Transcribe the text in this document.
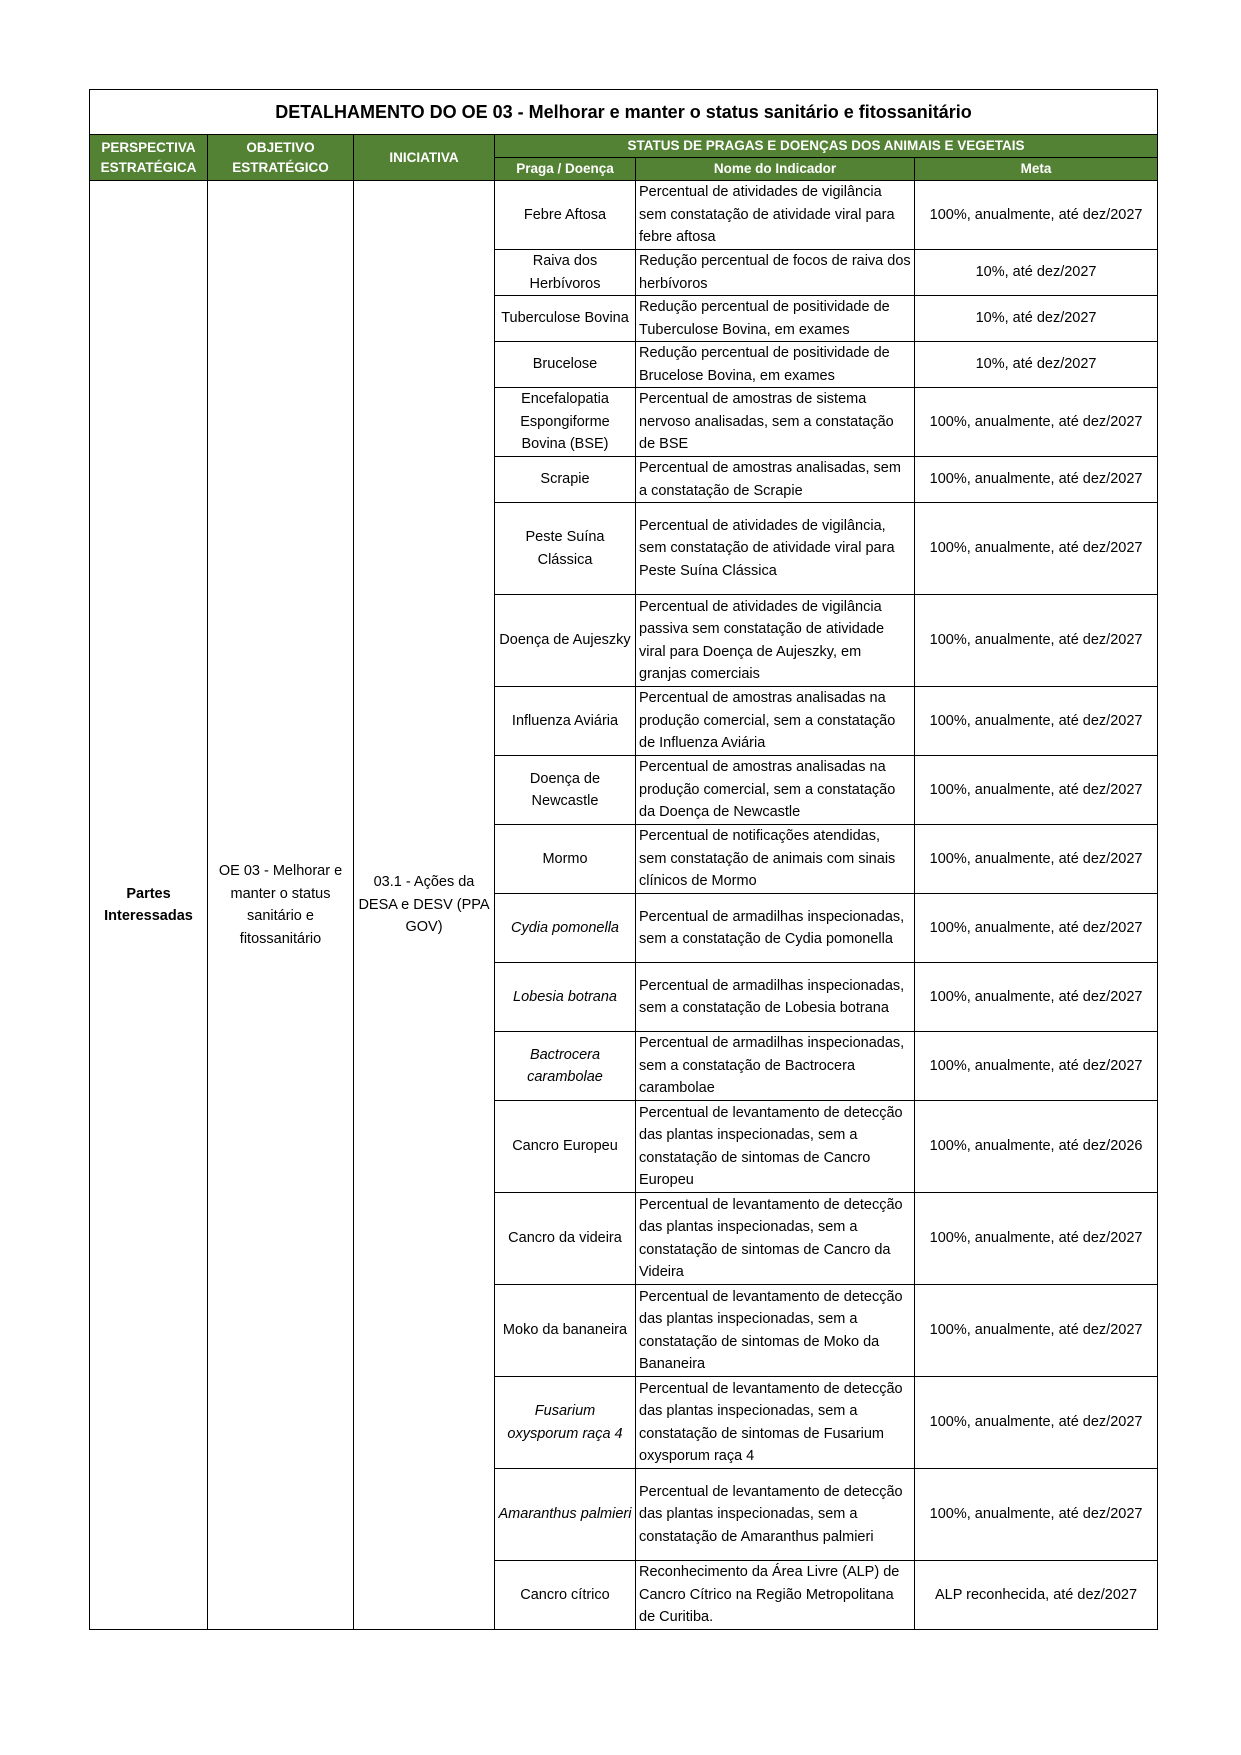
DETALHAMENTO DO OE 03 - Melhorar e manter o status sanitário e fitossanitário					
PERSPECTIVA ESTRATÉGICA	OBJETIVO ESTRATÉGICO	INICIATIVA	STATUS DE PRAGAS E DOENÇAS DOS ANIMAIS E VEGETAIS		
			Praga / Doença	Nome do Indicador	Meta
Partes Interessadas	OE 03 - Melhorar e manter o status sanitário e fitossanitário	03.1 - Ações da DESA e DESV (PPA GOV)	Febre Aftosa	Percentual de atividades de vigilância sem constatação de atividade viral para febre aftosa	100%, anualmente, até dez/2027
			Raiva dos Herbívoros	Redução percentual de focos de raiva dos herbívoros	10%, até dez/2027
			Tuberculose Bovina	Redução percentual de positividade de Tuberculose Bovina, em exames	10%, até dez/2027
			Brucelose	Redução percentual de positividade de Brucelose Bovina, em exames	10%, até dez/2027
			Encefalopatia Espongiforme Bovina (BSE)	Percentual de amostras de sistema nervoso analisadas, sem a constatação de BSE	100%, anualmente, até dez/2027
			Scrapie	Percentual de amostras analisadas, sem a constatação de Scrapie	100%, anualmente, até dez/2027
			Peste Suína Clássica	Percentual de atividades de vigilância, sem constatação de atividade viral para Peste Suína Clássica	100%, anualmente, até dez/2027
			Doença de Aujeszky	Percentual de atividades de vigilância passiva sem constatação de atividade viral para Doença de Aujeszky, em granjas comerciais	100%, anualmente, até dez/2027
			Influenza Aviária	Percentual de amostras analisadas na produção comercial, sem a constatação de Influenza Aviária	100%, anualmente, até dez/2027
			Doença de Newcastle	Percentual de amostras analisadas na produção comercial, sem a constatação da Doença de Newcastle	100%, anualmente, até dez/2027
			Mormo	Percentual de notificações atendidas, sem constatação de animais com sinais clínicos de Mormo	100%, anualmente, até dez/2027
			Cydia pomonella	Percentual de armadilhas inspecionadas, sem a constatação de Cydia pomonella	100%, anualmente, até dez/2027
			Lobesia botrana	Percentual de armadilhas inspecionadas, sem a constatação de Lobesia botrana	100%, anualmente, até dez/2027
			Bactrocera carambolae	Percentual de armadilhas inspecionadas, sem a constatação de Bactrocera carambolae	100%, anualmente, até dez/2027
			Cancro Europeu	Percentual de levantamento de detecção das plantas inspecionadas, sem a constatação de sintomas de Cancro Europeu	100%, anualmente, até dez/2026
			Cancro da videira	Percentual de levantamento de detecção das plantas inspecionadas, sem a constatação de sintomas de Cancro da Videira	100%, anualmente, até dez/2027
			Moko da bananeira	Percentual de levantamento de detecção das plantas inspecionadas, sem a constatação de sintomas de Moko da Bananeira	100%, anualmente, até dez/2027
			Fusarium oxysporum raça 4	Percentual de levantamento de detecção das plantas inspecionadas, sem a constatação de sintomas de Fusarium oxysporum raça 4	100%, anualmente, até dez/2027
			Amaranthus palmieri	Percentual de levantamento de detecção das plantas inspecionadas, sem a constatação de Amaranthus palmieri	100%, anualmente, até dez/2027
			Cancro cítrico	Reconhecimento da Área Livre (ALP) de Cancro Cítrico na Região Metropolitana de Curitiba.	ALP reconhecida, até dez/2027
